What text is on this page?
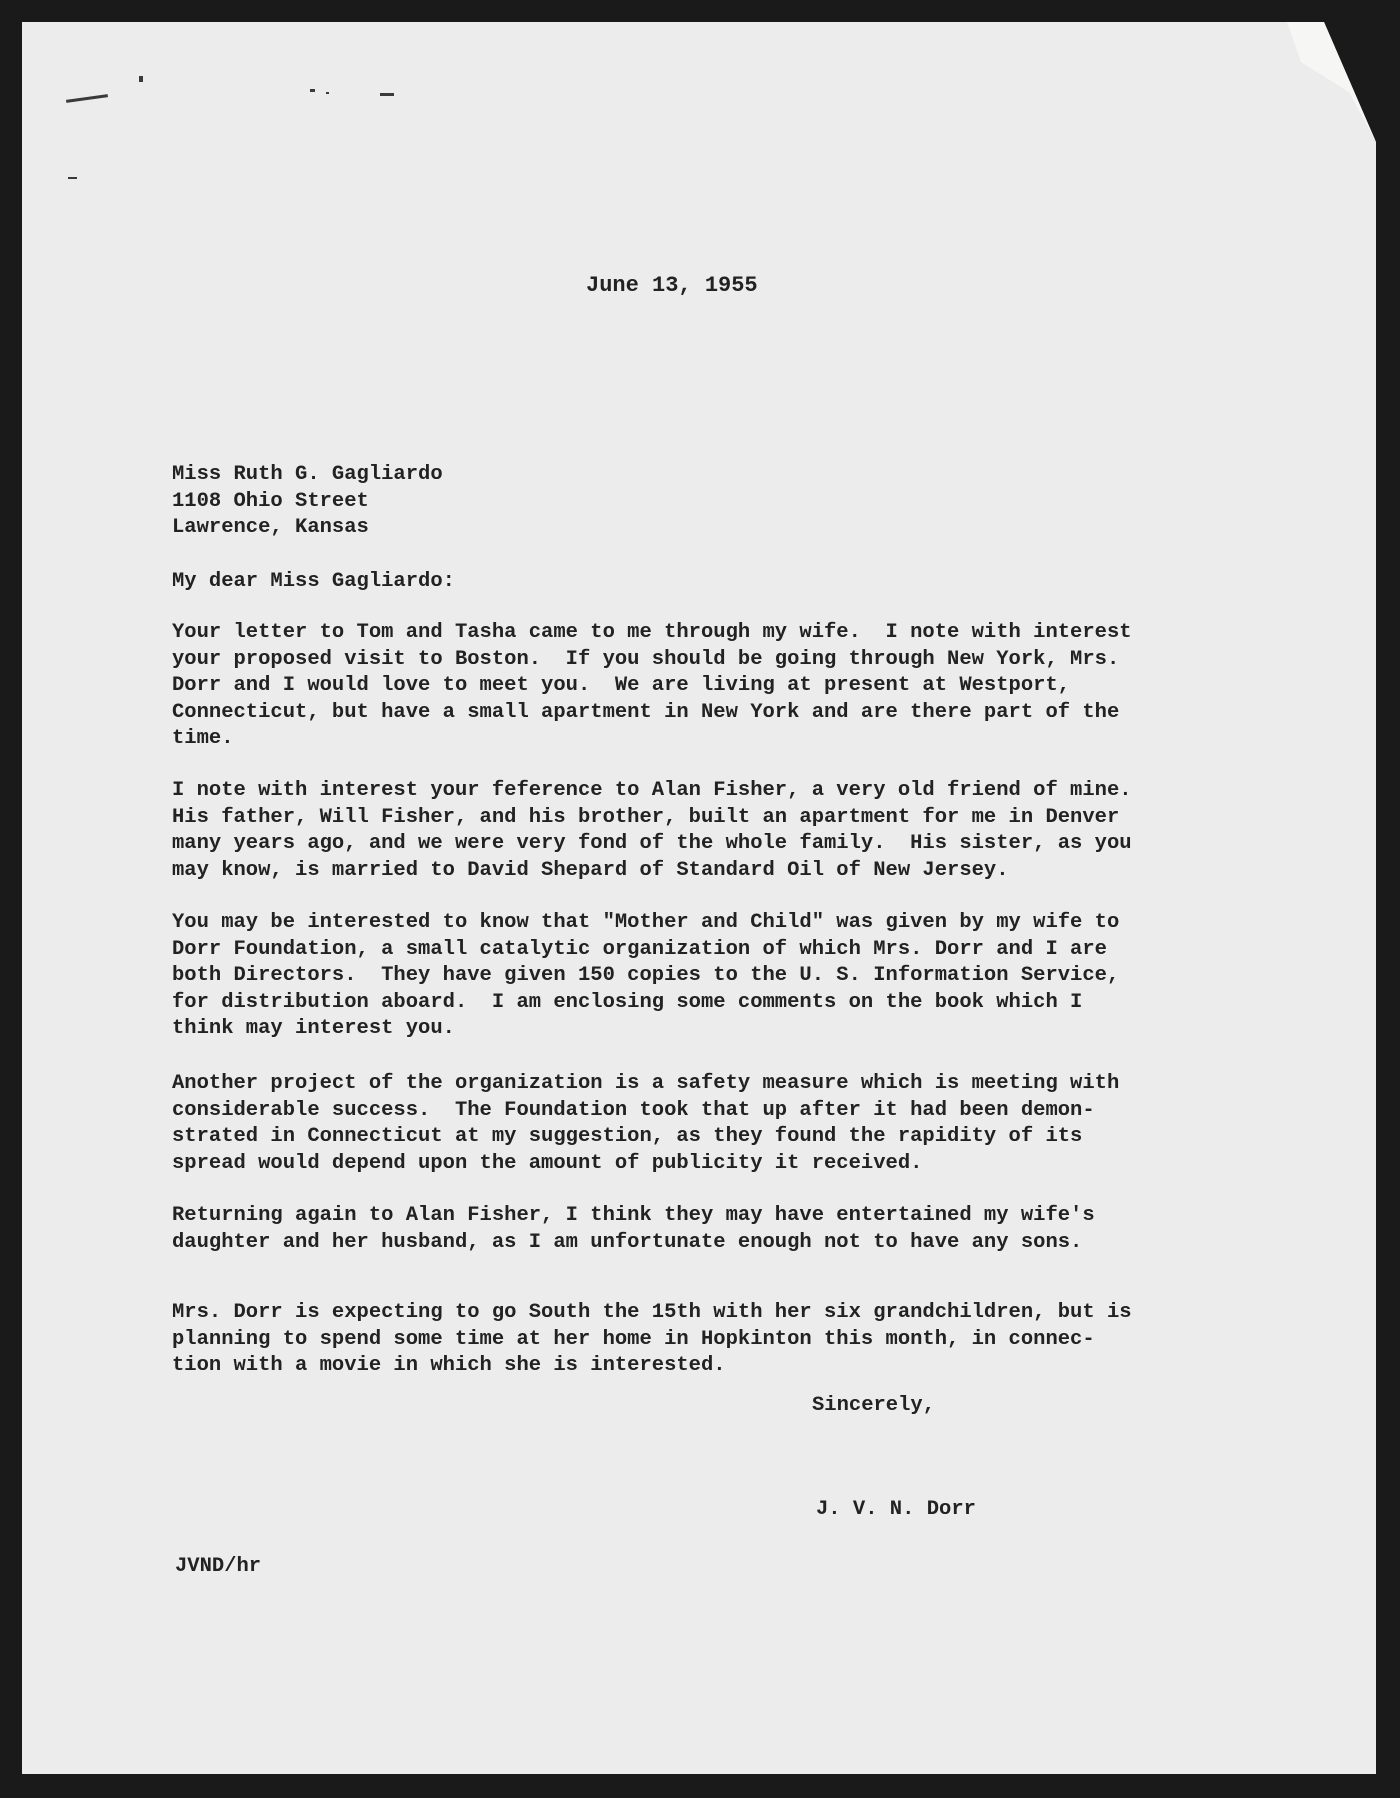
June 13, 1955
Miss Ruth G. Gagliardo
1108 Ohio Street
Lawrence, Kansas
My dear Miss Gagliardo:
Your letter to Tom and Tasha came to me through my wife.  I note with interest
your proposed visit to Boston.  If you should be going through New York, Mrs.
Dorr and I would love to meet you.  We are living at present at Westport,
Connecticut, but have a small apartment in New York and are there part of the
time.
I note with interest your feference to Alan Fisher, a very old friend of mine.
His father, Will Fisher, and his brother, built an apartment for me in Denver
many years ago, and we were very fond of the whole family.  His sister, as you
may know, is married to David Shepard of Standard Oil of New Jersey.
You may be interested to know that "Mother and Child" was given by my wife to
Dorr Foundation, a small catalytic organization of which Mrs. Dorr and I are
both Directors.  They have given 150 copies to the U. S. Information Service,
for distribution aboard.  I am enclosing some comments on the book which I
think may interest you.
Another project of the organization is a safety measure which is meeting with
considerable success.  The Foundation took that up after it had been demon-
strated in Connecticut at my suggestion, as they found the rapidity of its
spread would depend upon the amount of publicity it received.
Returning again to Alan Fisher, I think they may have entertained my wife's
daughter and her husband, as I am unfortunate enough not to have any sons.
Mrs. Dorr is expecting to go South the 15th with her six grandchildren, but is
planning to spend some time at her home in Hopkinton this month, in connec-
tion with a movie in which she is interested.
Sincerely,
J. V. N. Dorr
JVND/hr
